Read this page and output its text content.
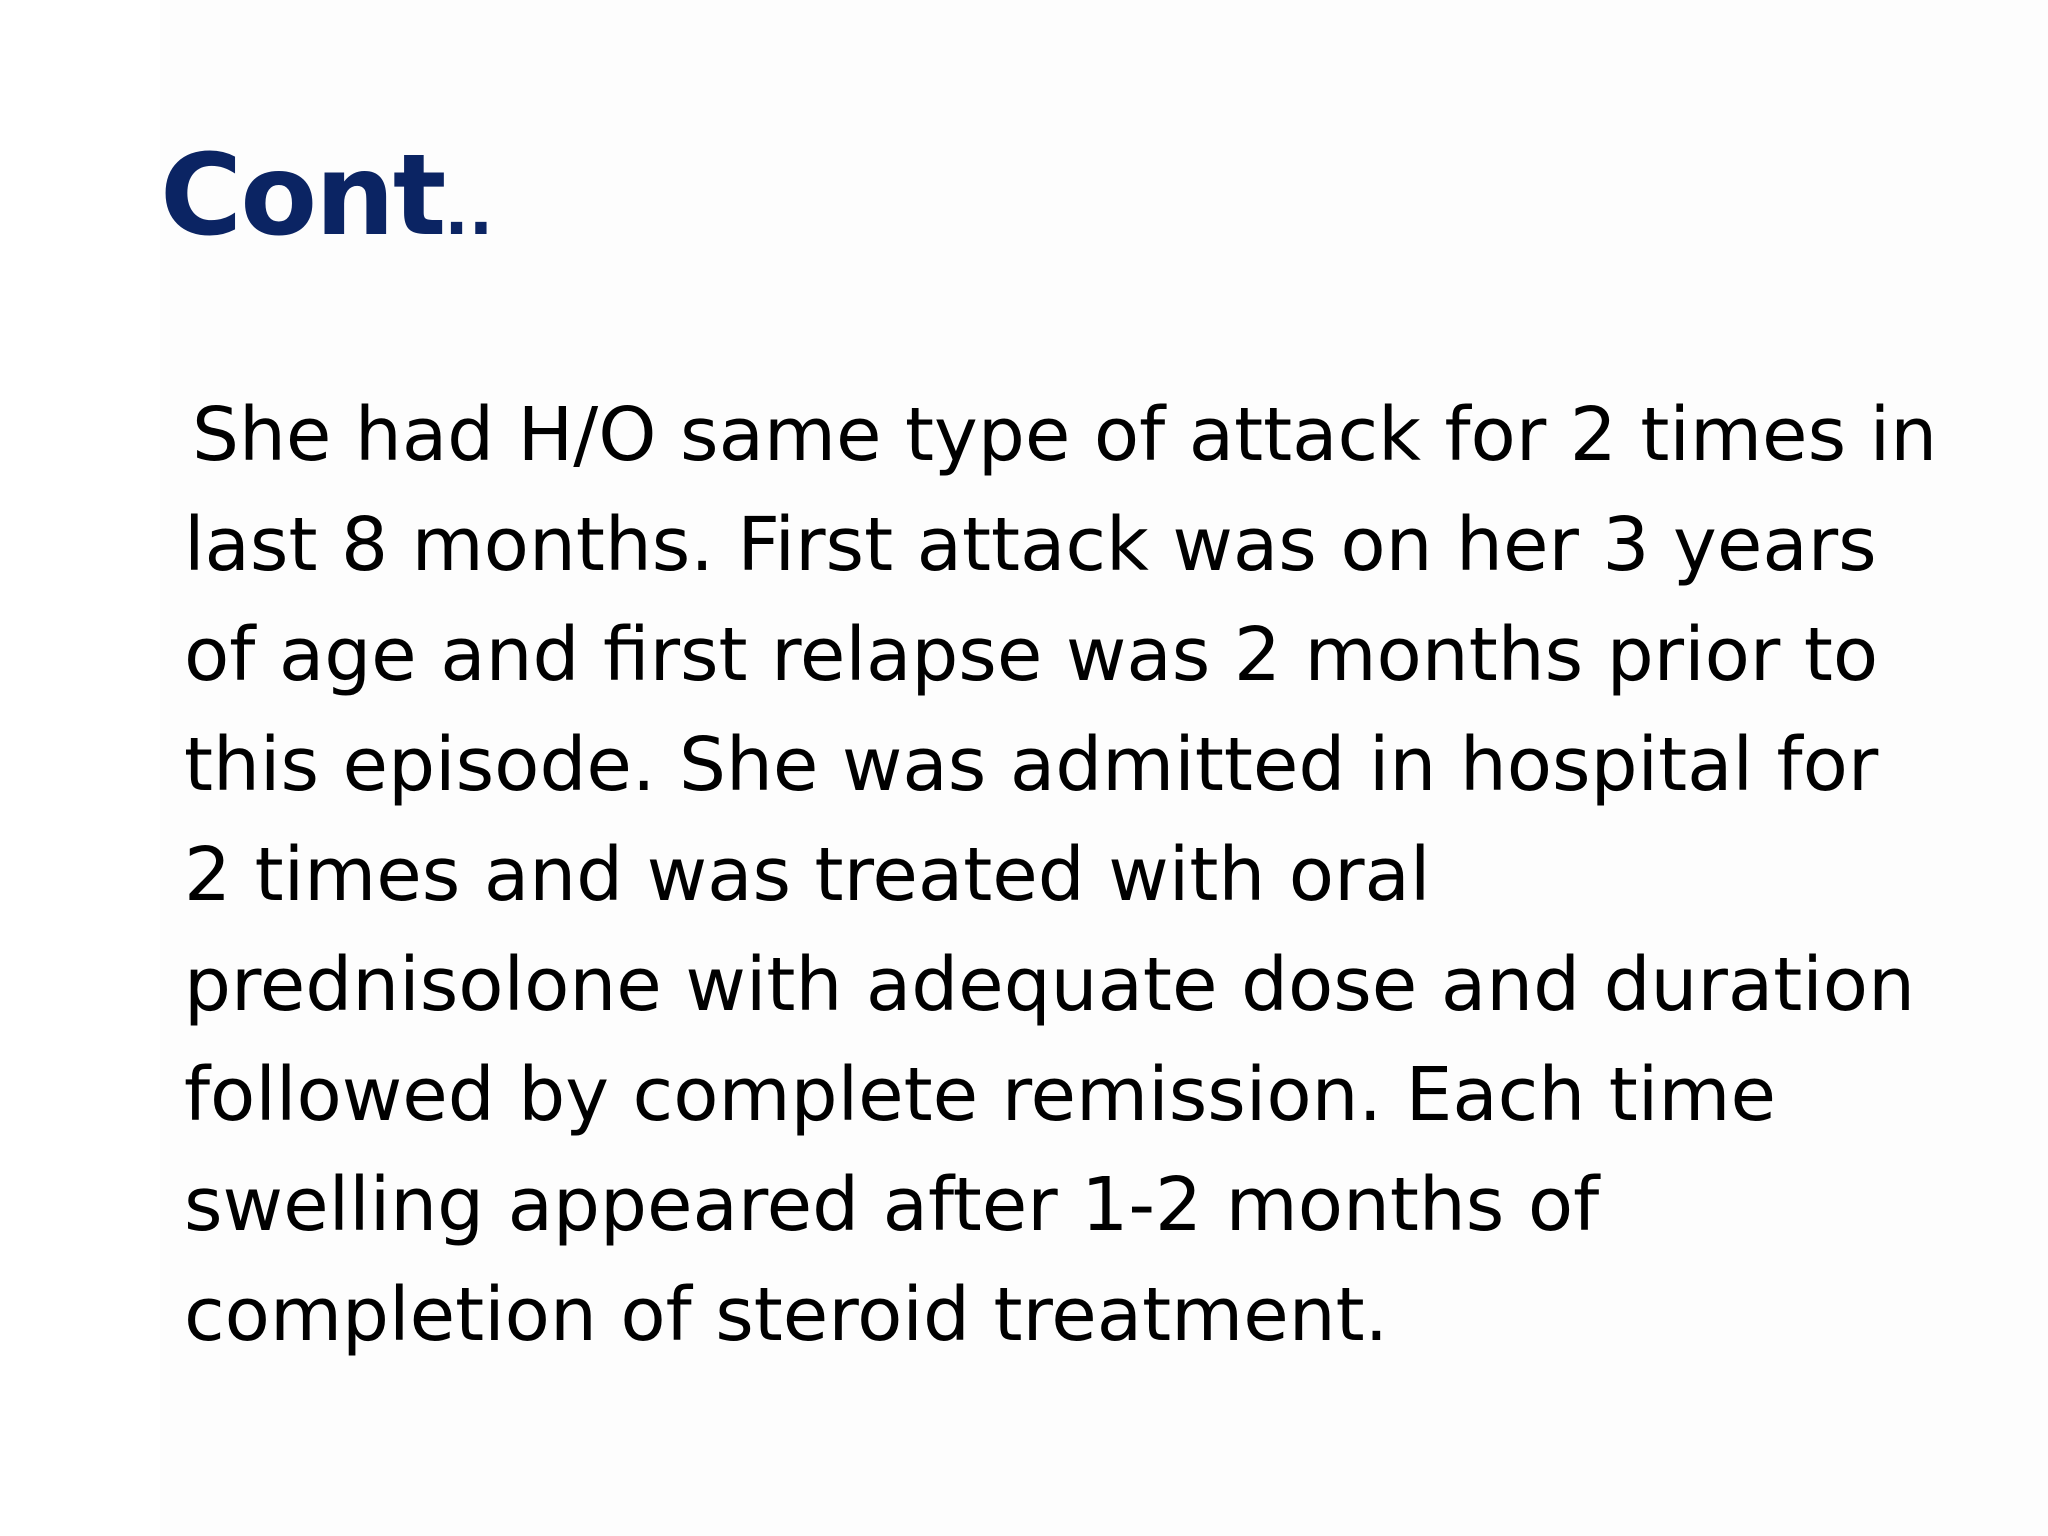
Cont..

She had H/O same type of attack for 2 times in
last 8 months. First attack was on her 3 years
of age and first relapse was 2 months prior to
this episode. She was admitted in hospital for
2 times and was treated with oral
prednisolone with adequate dose and duration
followed by complete remission. Each time
swelling appeared after 1-2 months of
completion of steroid treatment.
